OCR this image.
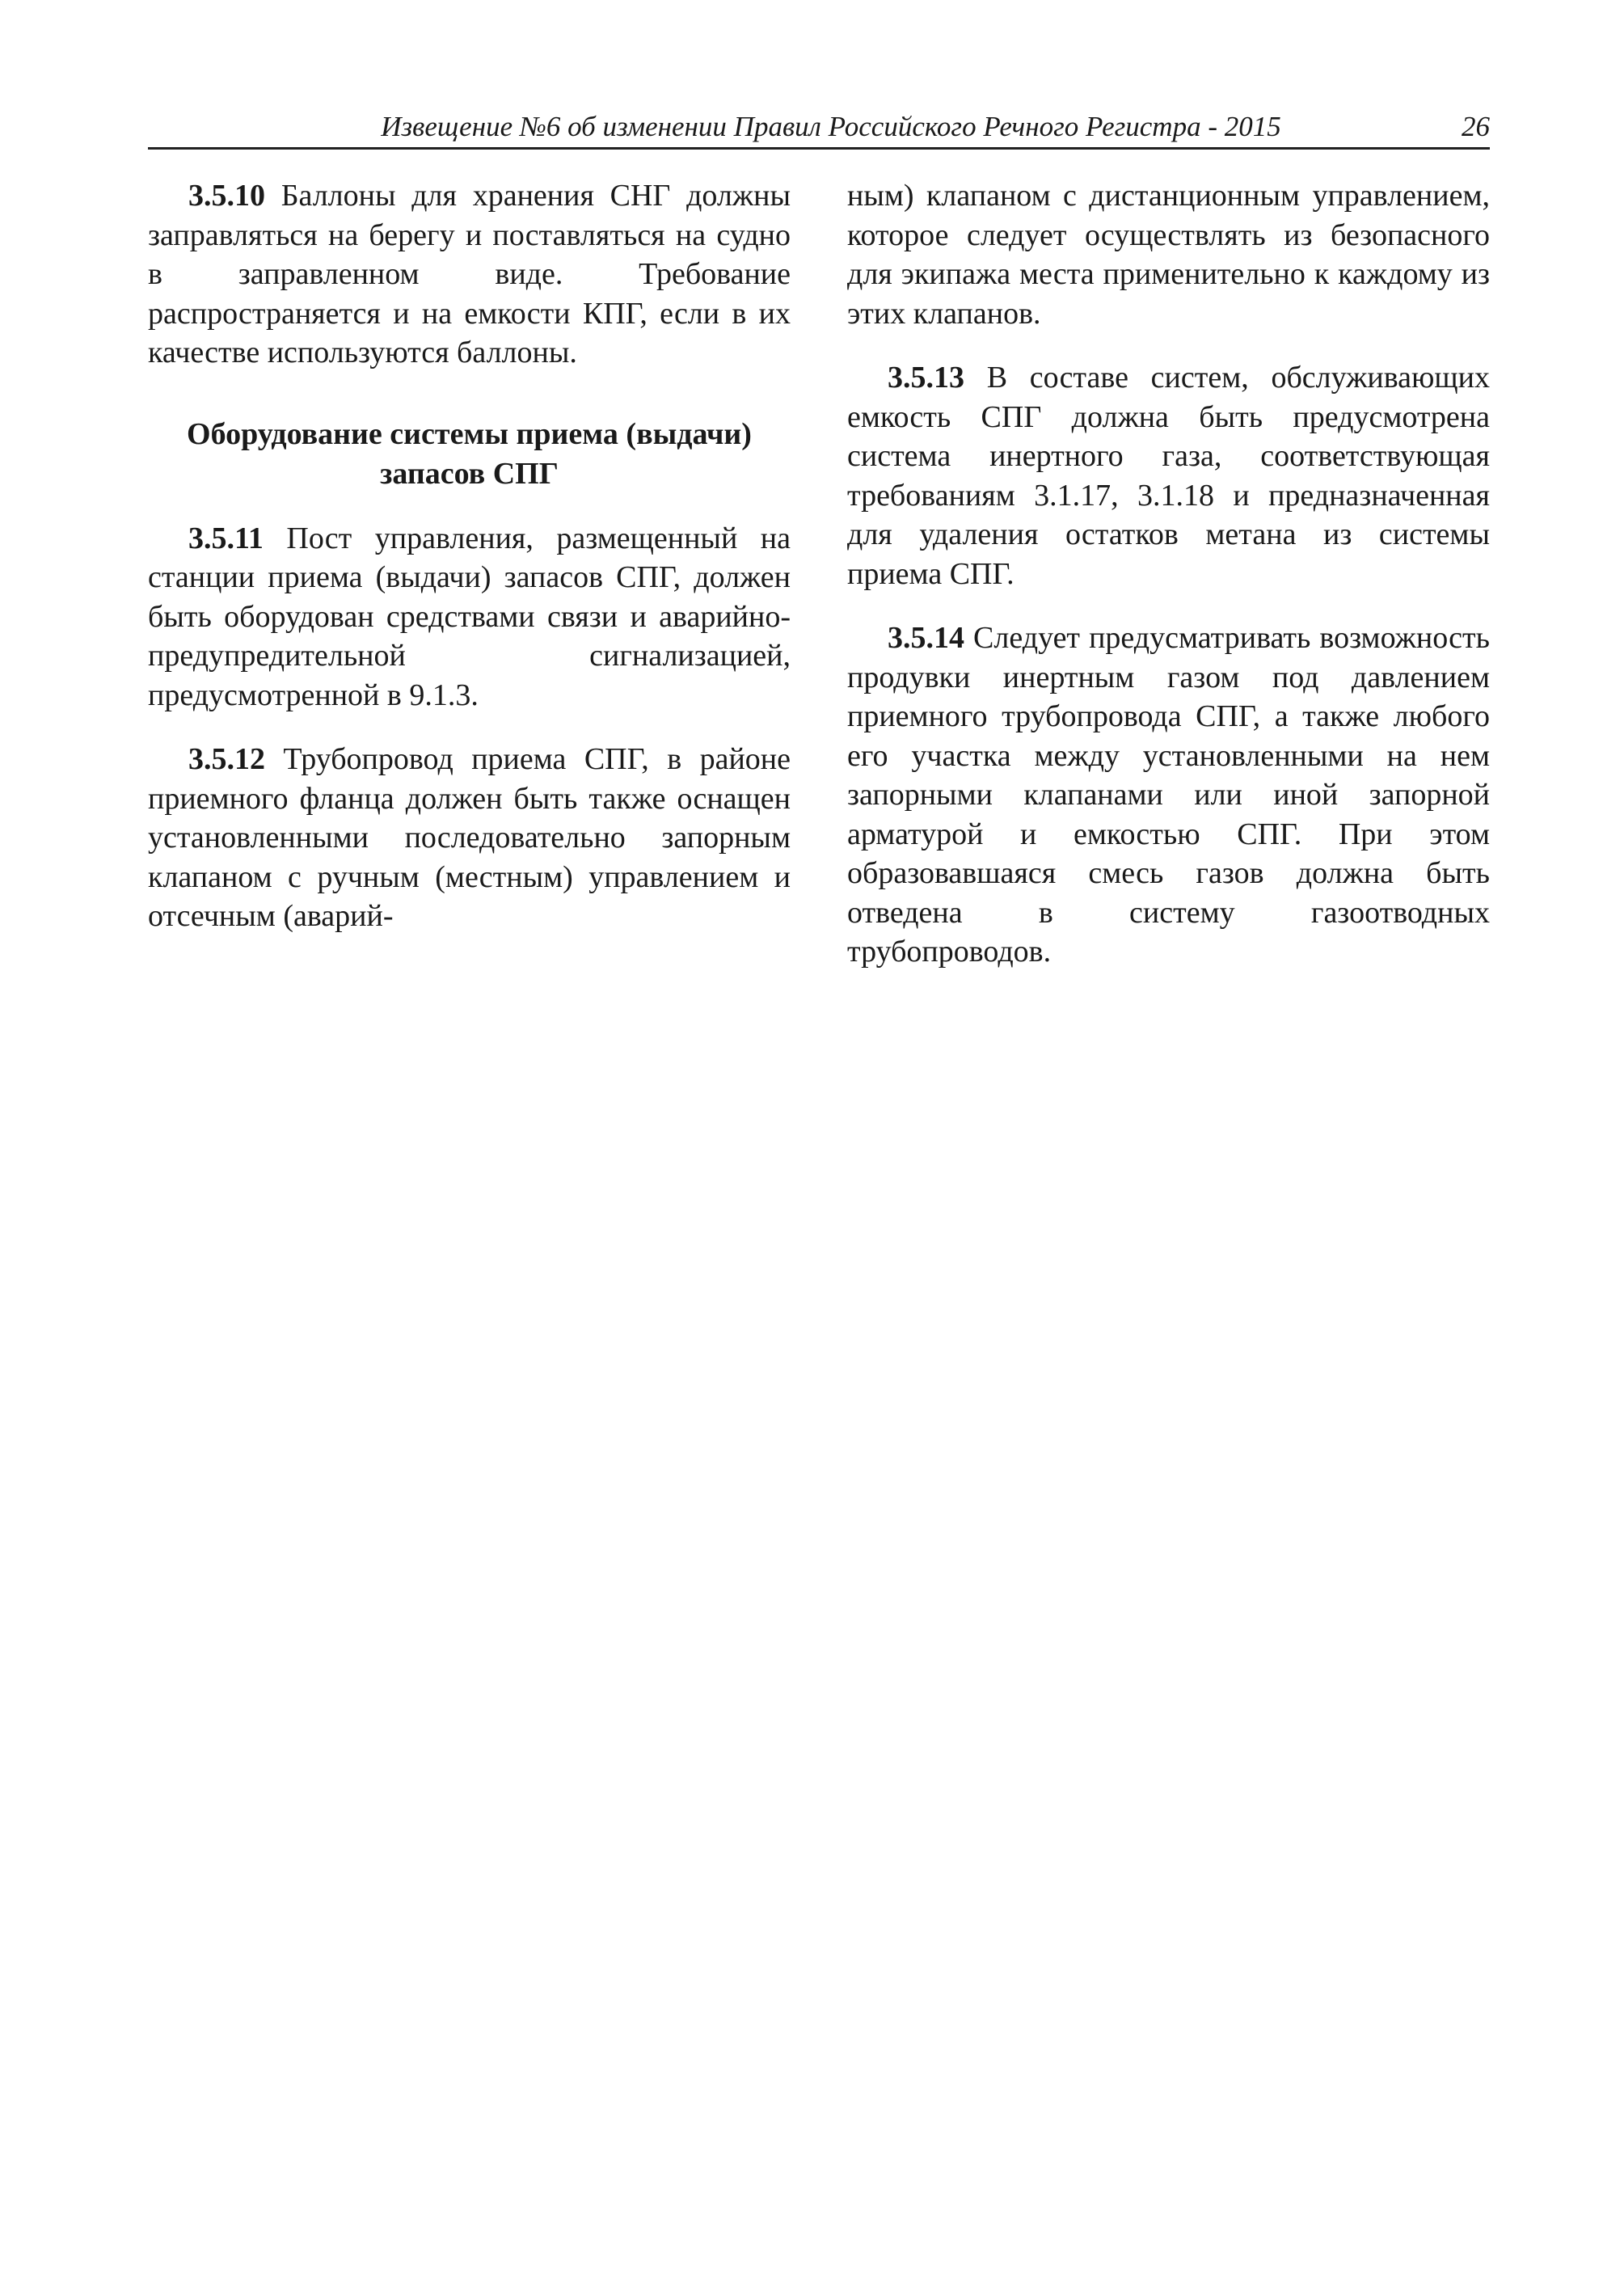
Извещение №6 об изменении Правил Российского Речного Регистра - 2015	26

3.5.10 Баллоны для хранения СНГ должны заправляться на берегу и поставляться на судно в заправленном виде. Требование распространяется и на емкости КПГ, если в их качестве используются баллоны.

Оборудование системы приема (выдачи) запасов СПГ

3.5.11 Пост управления, размещенный на станции приема (выдачи) запасов СПГ, должен быть оборудован средствами связи и аварийно-предупредительной сигнализацией, предусмотренной в 9.1.3.

3.5.12 Трубопровод приема СПГ, в районе приемного фланца должен быть также оснащен установленными последовательно запорным клапаном с ручным (местным) управлением и отсечным (аварий-

ным) клапаном с дистанционным управлением, которое следует осуществлять из безопасного для экипажа места применительно к каждому из этих клапанов.

3.5.13 В составе систем, обслуживающих емкость СПГ должна быть предусмотрена система инертного газа, соответствующая требованиям 3.1.17, 3.1.18 и предназначенная для удаления остатков метана из системы приема СПГ.

3.5.14 Следует предусматривать возможность продувки инертным газом под давлением приемного трубопровода СПГ, а также любого его участка между установленными на нем запорными клапанами или иной запорной арматурой и емкостью СПГ. При этом образовавшаяся смесь газов должна быть отведена в систему газоотводных трубопроводов.
